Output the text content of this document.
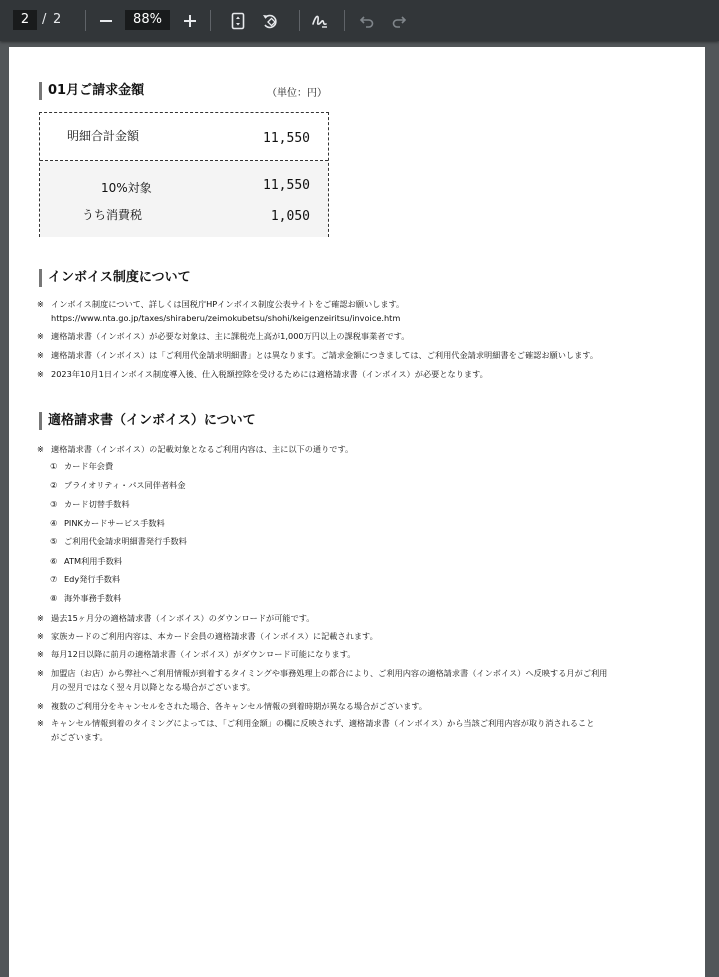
2 / 2	88%
01月ご請求金額	（単位：円）
明細合計金額	11,550
10%対象	11,550
うち消費税	1,050
インボイス制度について
※ インボイス制度について、詳しくは国税庁HPインボイス制度公表サイトをご確認お願いします。
https://www.nta.go.jp/taxes/shiraberu/zeimokubetsu/shohi/keigenzeiritsu/invoice.htm
※ 適格請求書（インボイス）が必要な対象は、主に課税売上高が1,000万円以上の課税事業者です。
※ 適格請求書（インボイス）は「ご利用代金請求明細書」とは異なります。ご請求金額につきましては、ご利用代金請求明細書をご確認お願いします。
※ 2023年10月1日インボイス制度導入後、仕入税額控除を受けるためには適格請求書（インボイス）が必要となります。
適格請求書（インボイス）について
※ 適格請求書（インボイス）の記載対象となるご利用内容は、主に以下の通りです。
① カード年会費
② プライオリティ・パス同伴者料金
③ カード切替手数料
④ PINKカードサービス手数料
⑤ ご利用代金請求明細書発行手数料
⑥ ATM利用手数料
⑦ Edy発行手数料
⑧ 海外事務手数料
※ 過去15ヶ月分の適格請求書（インボイス）のダウンロードが可能です。
※ 家族カードのご利用内容は、本カード会員の適格請求書（インボイス）に記載されます。
※ 毎月12日以降に前月の適格請求書（インボイス）がダウンロード可能になります。
※ 加盟店（お店）から弊社へご利用情報が到着するタイミングや事務処理上の都合により、ご利用内容の適格請求書（インボイス）へ反映する月がご利用
月の翌月ではなく翌々月以降となる場合がございます。
※ 複数のご利用分をキャンセルをされた場合、各キャンセル情報の到着時期が異なる場合がございます。
※ キャンセル情報到着のタイミングによっては、「ご利用金額」の欄に反映されず、適格請求書（インボイス）から当該ご利用内容が取り消されること
がございます。
